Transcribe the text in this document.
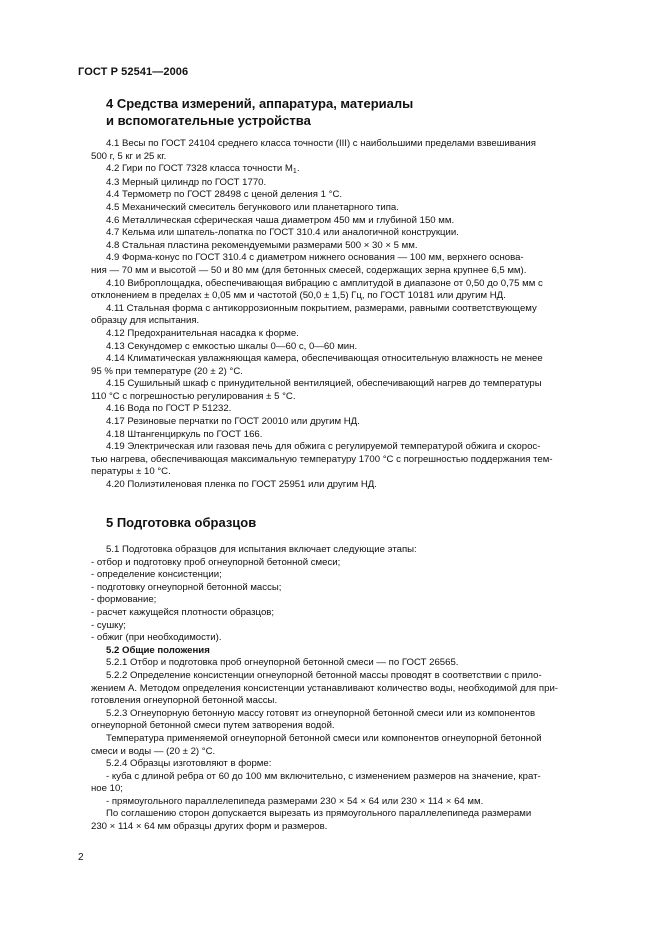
ГОСТ Р 52541—2006
4 Средства измерений, аппаратура, материалы
и вспомогательные устройства

4.1 Весы по ГОСТ 24104 среднего класса точности (III) с наибольшими пределами взвешивания

500 г, 5 кг и 25 кг.

4.2 Гири по ГОСТ 7328 класса точности $М_1$.

4.3 Мерный цилиндр по ГОСТ 1770.

4.4 Термометр по ГОСТ 28498 с ценой деления 1 °С.

4.5 Механический смеситель бегункового или планетарного типа.

4.6 Металлическая сферическая чаша диаметром 450 мм и глубиной 150 мм.

4.7 Кельма или шпатель-лопатка по ГОСТ 310.4 или аналогичной конструкции.

4.8 Стальная пластина рекомендуемыми размерами 500 × 30 × 5 мм.

4.9 Форма-конус по ГОСТ 310.4 с диаметром нижнего основания — 100 мм, верхнего основа-

ния — 70 мм и высотой — 50 и 80 мм (для бетонных смесей, содержащих зерна крупнее 6,5 мм).

4.10 Виброплощадка, обеспечивающая вибрацию с амплитудой в диапазоне от 0,50 до 0,75 мм с

отклонением в пределах ± 0,05 мм и частотой (50,0 ± 1,5) Гц, по ГОСТ 10181 или другим НД.

4.11 Стальная форма с антикоррозионным покрытием, размерами, равными соответствующему

образцу для испытания.

4.12 Предохранительная насадка к форме.

4.13 Секундомер с емкостью шкалы 0—60 с, 0—60 мин.

4.14 Климатическая увлажняющая камера, обеспечивающая относительную влажность не менее

95 % при температуре (20 ± 2) °С.

4.15 Сушильный шкаф с принудительной вентиляцией, обеспечивающий нагрев до температуры

110 °С с погрешностью регулирования ± 5 °С.

4.16 Вода по ГОСТ Р 51232.

4.17 Резиновые перчатки по ГОСТ 20010 или другим НД.

4.18 Штангенциркуль по ГОСТ 166.

4.19 Электрическая или газовая печь для обжига с регулируемой температурой обжига и скорос-

тью нагрева, обеспечивающая максимальную температуру 1700 °С с погрешностью поддержания тем-

пературы ± 10 °С.

4.20 Полиэтиленовая пленка по ГОСТ 25951 или другим НД.

5 Подготовка образцов

5.1 Подготовка образцов для испытания включает следующие этапы:

- отбор и подготовку проб огнеупорной бетонной смеси;

- определение консистенции;

- подготовку огнеупорной бетонной массы;

- формование;

- расчет кажущейся плотности образцов;

- сушку;

- обжиг (при необходимости).

5.2 Общие положения

5.2.1 Отбор и подготовка проб огнеупорной бетонной смеси — по ГОСТ 26565.

5.2.2 Определение консистенции огнеупорной бетонной массы проводят в соответствии с прило-

жением А. Методом определения консистенции устанавливают количество воды, необходимой для при-

готовления огнеупорной бетонной массы.

5.2.3 Огнеупорную бетонную массу готовят из огнеупорной бетонной смеси или из компонентов

огнеупорной бетонной смеси путем затворения водой.

Температура применяемой огнеупорной бетонной смеси или компонентов огнеупорной бетонной

смеси и воды — (20 ± 2) °С.

5.2.4 Образцы изготовляют в форме:

- куба с длиной ребра от 60 до 100 мм включительно, с изменением размеров на значение, крат-

ное 10;

- прямоугольного параллелепипеда размерами 230 × 54 × 64 или 230 × 114 × 64 мм.

По соглашению сторон допускается вырезать из прямоугольного параллелепипеда размерами

230 × 114 × 64 мм образцы других форм и размеров.

2
